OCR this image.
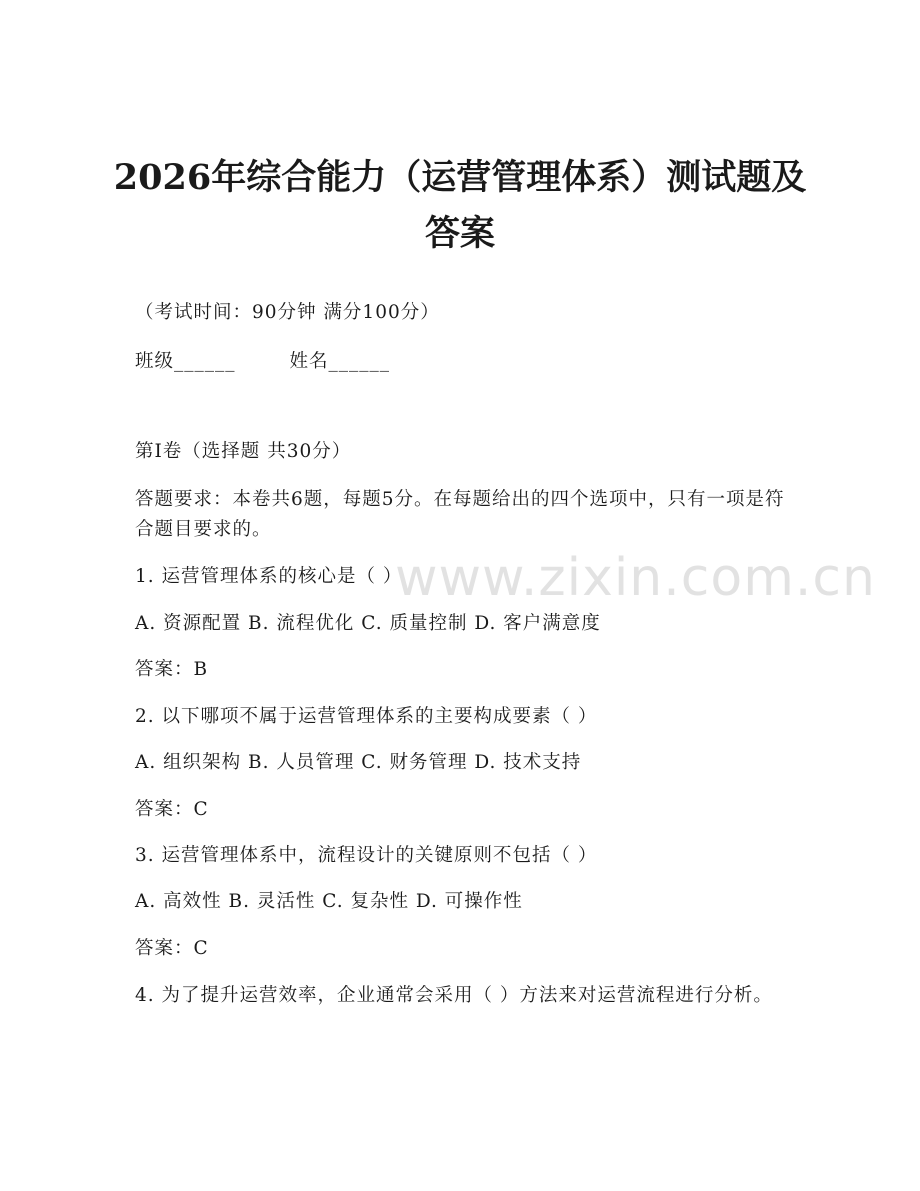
2026年综合能力（运营管理体系）测试题及答案
（考试时间：90分钟 满分100分）
班级______	姓名______
第I卷（选择题 共30分）
答题要求：本卷共6题，每题5分。在每题给出的四个选项中，只有一项是符合题目要求的。
1. 运营管理体系的核心是（ ）
A. 资源配置 B. 流程优化 C. 质量控制 D. 客户满意度
答案：B
2. 以下哪项不属于运营管理体系的主要构成要素（ ）
A. 组织架构 B. 人员管理 C. 财务管理 D. 技术支持
答案：C
3. 运营管理体系中，流程设计的关键原则不包括（ ）
A. 高效性 B. 灵活性 C. 复杂性 D. 可操作性
答案：C
4. 为了提升运营效率，企业通常会采用（ ）方法来对运营流程进行分析。
www.zixin.com.cn
